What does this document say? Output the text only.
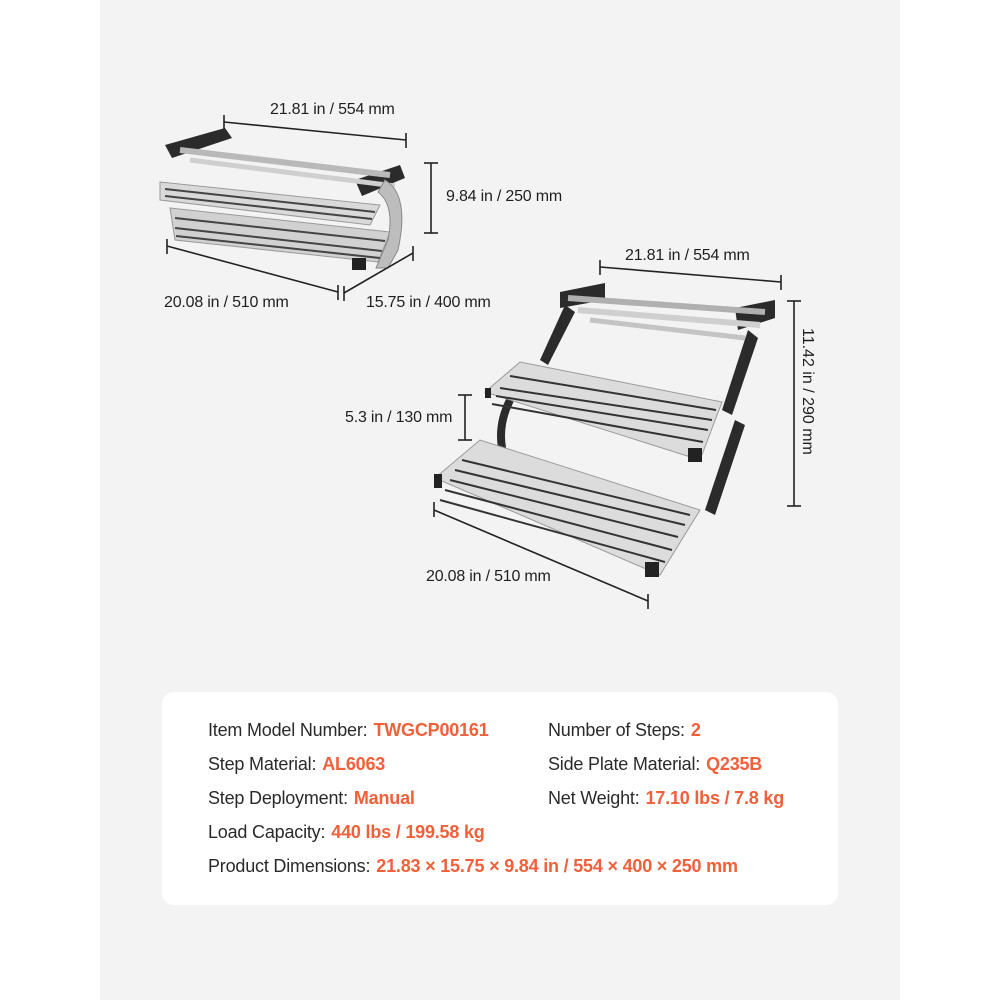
21.81 in / 554 mm
9.84 in / 250 mm
20.08 in / 510 mm	15.75 in / 400 mm
21.81 in / 554 mm
11.42 in / 290 mm
5.3 in / 130 mm
20.08 in / 510 mm
Item Model Number: TWGCP00161	Number of Steps: 2
Step Material: AL6063	Side Plate Material: Q235B
Step Deployment: Manual	Net Weight: 17.10 lbs / 7.8 kg
Load Capacity: 440 lbs / 199.58 kg
Product Dimensions: 21.83 × 15.75 × 9.84 in / 554 × 400 × 250 mm
